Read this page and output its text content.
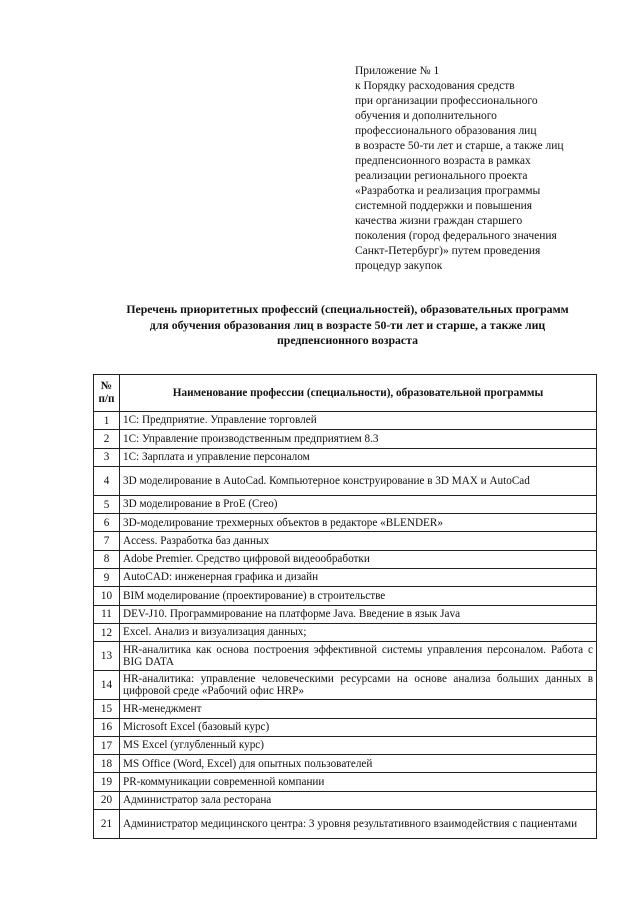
Приложение № 1
к Порядку расходования средств
при организации профессионального
обучения и дополнительного
профессионального образования лиц
в возрасте 50-ти лет и старше, а также лиц
предпенсионного возраста в рамках
реализации регионального проекта
«Разработка и реализация программы
системной поддержки и повышения
качества жизни граждан старшего
поколения (город федерального значения
Санкт-Петербург)» путем проведения
процедур закупок
Перечень приоритетных профессий (специальностей), образовательных программ
для обучения образования лиц в возрасте 50-ти лет и старше, а также лиц
предпенсионного возраста
№
п/п	Наименование профессии (специальности), образовательной программы
1	1С: Предприятие. Управление торговлей
2	1С: Управление производственным предприятием 8.3
3	1С: Зарплата и управление персоналом
4	3D моделирование в AutoCad. Компьютерное конструирование в 3D MAX и AutoCad
5	3D моделирование в ProE (Creo)
6	3D-моделирование трехмерных объектов в редакторе «BLENDER»
7	Access. Разработка баз данных
8	Adobe Premier. Средство цифровой видеообработки
9	AutoCAD: инженерная графика и дизайн
10	BIM моделирование (проектирование) в строительстве
11	DEV-J10. Программирование на платформе Java. Введение в язык Java
12	Excel. Анализ и визуализация данных;
13	HR-аналитика как основа построения эффективной системы управления персоналом. Работа с BIG DATA
14	HR-аналитика: управление человеческими ресурсами на основе анализа больших данных в цифровой среде «Рабочий офис HRP»
15	HR-менеджмент
16	Microsoft Excel (базовый курс)
17	MS Excel (углубленный курс)
18	MS Office (Word, Excel) для опытных пользователей
19	PR-коммуникации современной компании
20	Администратор зала ресторана
21	Администратор медицинского центра: 3 уровня результативного взаимодействия с пациентами
